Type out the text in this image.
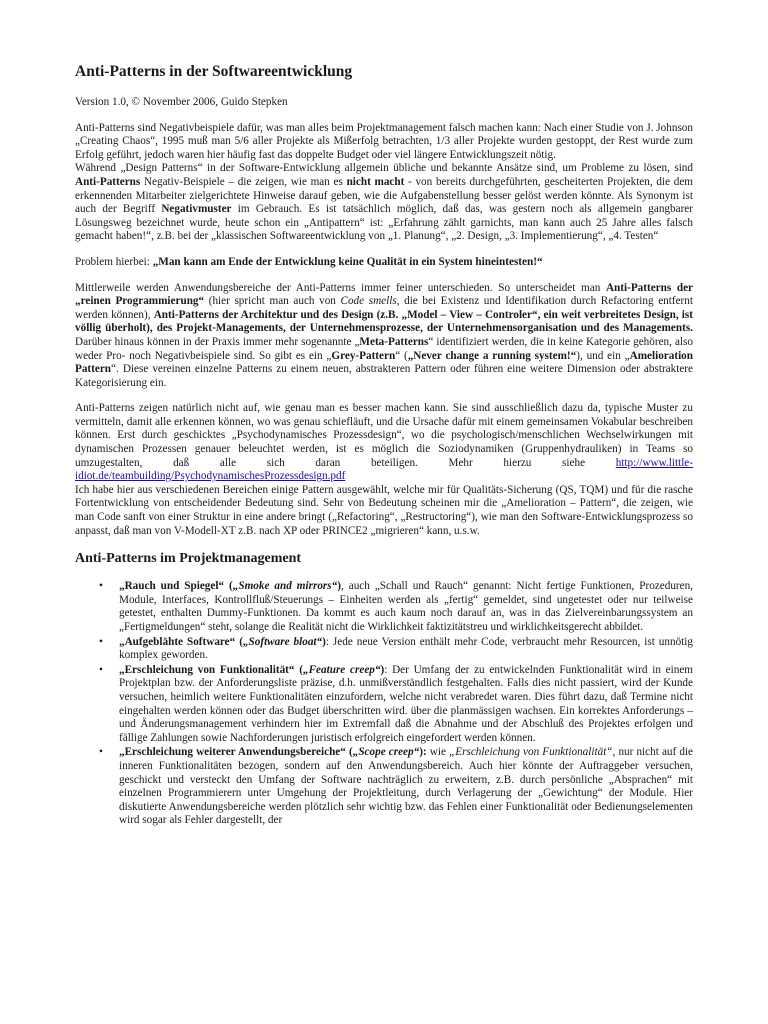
Anti-Patterns in der Softwareentwicklung

Version 1.0, © November 2006, Guido Stepken

Anti-Patterns sind Negativbeispiele dafür, was man alles beim Projektmanagement falsch machen kann: Nach einer Studie von J. Johnson „Creating Chaos“, 1995 muß man 5/6 aller Projekte als Mißerfolg betrachten, 1/3 aller Projekte wurden gestoppt, der Rest wurde zum Erfolg geführt, jedoch waren hier häufig fast das doppelte Budget oder viel längere Entwicklungszeit nötig.

Während „Design Patterns“ in der Software-Entwicklung allgemein übliche und bekannte Ansätze sind, um Probleme zu lösen, sind Anti-Patterns Negativ-Beispiele – die zeigen, wie man es nicht macht - von bereits durchgeführten, gescheiterten Projekten, die dem erkennenden Mitarbeiter zielgerichtete Hinweise darauf geben, wie die Aufgabenstellung besser gelöst werden könnte. Als Synonym ist auch der Begriff Negativmuster im Gebrauch. Es ist tatsächlich möglich, daß das, was gestern noch als allgemein gangbarer Lösungsweg bezeichnet wurde, heute schon ein „Antipattern“ ist: „Erfahrung zählt garnichts, man kann auch 25 Jahre alles falsch gemacht haben!“, z.B. bei der „klassischen Softwareentwicklung von „1. Planung“, „2. Design, „3. Implementierung“, „4. Testen“

Problem hierbei: „Man kann am Ende der Entwicklung keine Qualität in ein System hineintesten!“

Mittlerweile werden Anwendungsbereiche der Anti-Patterns immer feiner unterschieden. So unterscheidet man Anti-Patterns der „reinen Programmierung“ (hier spricht man auch von Code smells, die bei Existenz und Identifikation durch Refactoring entfernt werden können), Anti-Patterns der Architektur und des Design (z.B. „Model – View – Controler“, ein weit verbreitetes Design, ist völlig überholt), des Projekt-Managements, der Unternehmensprozesse, der Unternehmensorganisation und des Managements. Darüber hinaus können in der Praxis immer mehr sogenannte „Meta-Patterns“ identifiziert werden, die in keine Kategorie gehören, also weder Pro- noch Negativbeispiele sind. So gibt es ein „Grey-Pattern“ („Never change a running system!“), und ein „Amelioration Pattern“. Diese vereinen einzelne Patterns zu einem neuen, abstrakteren Pattern oder führen eine weitere Dimension oder abstraktere Kategorisierung ein.

Anti-Patterns zeigen natürlich nicht auf, wie genau man es besser machen kann. Sie sind ausschließlich dazu da, typische Muster zu vermitteln, damit alle erkennen können, wo was genau schiefläuft, und die Ursache dafür mit einem gemeinsamen Vokabular beschreiben können. Erst durch geschicktes „Psychodynamisches Prozessdesign“, wo die psychologisch/menschlichen Wechselwirkungen mit dynamischen Prozessen genauer beleuchtet werden, ist es möglich die Soziodynamiken (Gruppenhydrauliken) in Teams so umzugestalten, daß alle sich daran beteiligen. Mehr hierzu siehe http://www.little-idiot.de/teambuilding/PsychodynamischesProzessdesign.pdf

Ich habe hier aus verschiedenen Bereichen einige Pattern ausgewählt, welche mir für Qualitäts-Sicherung (QS, TQM) und für die rasche Fortentwicklung von entscheidender Bedeutung sind. Sehr von Bedeutung scheinen mir die „Amelioration – Pattern“, die zeigen, wie man Code sanft von einer Struktur in eine andere bringt („Refactoring“, „Restructoring“), wie man den Software-Entwicklungsprozess so anpasst, daß man von V-Modell-XT z.B. nach XP oder PRINCE2 „migrieren“ kann, u.s.w.

Anti-Patterns im Projektmanagement
• „Rauch und Spiegel“ („Smoke and mirrors“), auch „Schall und Rauch“ genannt: Nicht fertige Funktionen, Prozeduren, Module, Interfaces, Kontrollfluß/Steuerungs – Einheiten werden als „fertig“ gemeldet, sind ungetestet oder nur teilweise getestet, enthalten Dummy-Funktionen. Da kommt es auch kaum noch darauf an, was in das Zielvereinbarungssystem an „Fertigmeldungen“ steht, solange die Realität nicht die Wirklichkeit faktizitätstreu und wirklichkeitsgerecht abbildet.
• „Aufgeblähte Software“ („Software bloat“): Jede neue Version enthält mehr Code, verbraucht mehr Resourcen, ist unnötig komplex geworden.
• „Erschleichung von Funktionalität“ („Feature creep“): Der Umfang der zu entwickelnden Funktionalität wird in einem Projektplan bzw. der Anforderungsliste präzise, d.h. unmißverständlich festgehalten. Falls dies nicht passiert, wird der Kunde versuchen, heimlich weitere Funktionalitäten einzufordern, welche nicht verabredet waren. Dies führt dazu, daß Termine nicht eingehalten werden können oder das Budget überschritten wird. über die planmässigen wachsen. Ein korrektes Anforderungs – und Änderungsmanagement verhindern hier im Extremfall daß die Abnahme und der Abschluß des Projektes erfolgen und fällige Zahlungen sowie Nachforderungen juristisch erfolgreich eingefordert werden können.
• „Erschleichung weiterer Anwendungsbereiche“ („Scope creep“): wie „Erschleichung von Funktionalität“, nur nicht auf die inneren Funktionalitäten bezogen, sondern auf den Anwendungsbereich. Auch hier könnte der Auftraggeber versuchen, geschickt und versteckt den Umfang der Software nachträglich zu erweitern, z.B. durch persönliche „Absprachen“ mit einzelnen Programmierern unter Umgehung der Projektleitung, durch Verlagerung der „Gewichtung“ der Module. Hier diskutierte Anwendungsbereiche werden plötzlich sehr wichtig bzw. das Fehlen einer Funktionalität oder Bedienungselementen wird sogar als Fehler dargestellt, der
